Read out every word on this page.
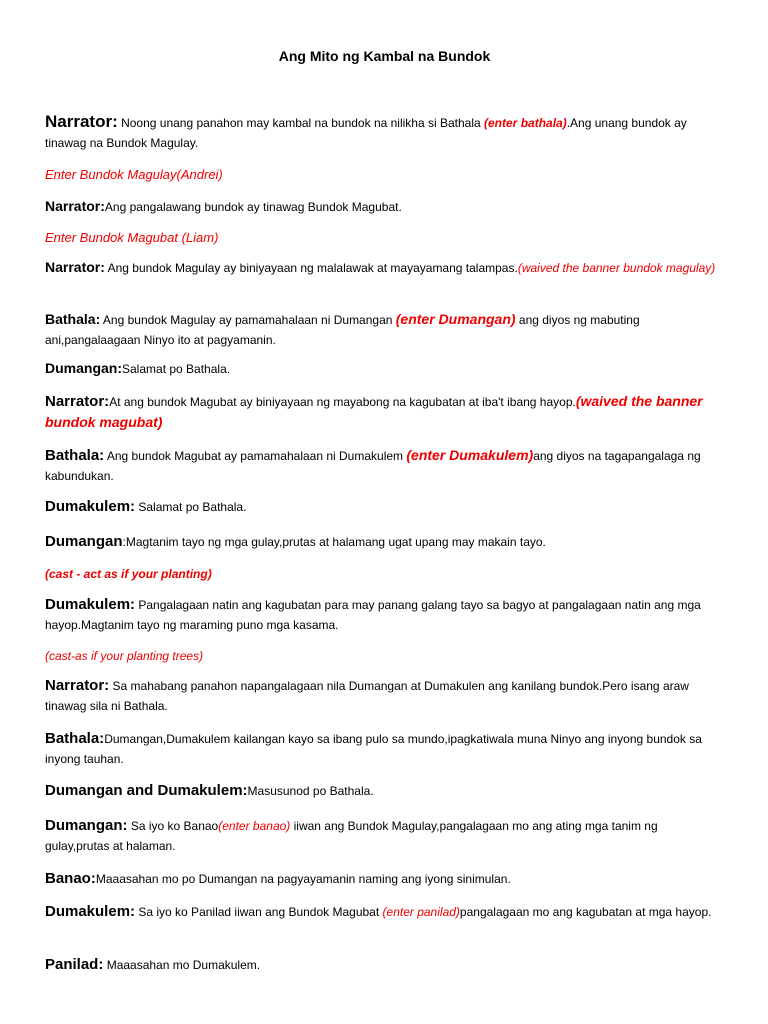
Ang Mito ng Kambal na Bundok

Narrator: Noong unang panahon may kambal na bundok na nilikha si Bathala (enter bathala).Ang unang bundok ay tinawag na Bundok Magulay.

Enter Bundok Magulay(Andrei)

Narrator:Ang pangalawang bundok ay tinawag Bundok Magubat.

Enter Bundok Magubat (Liam)

Narrator: Ang bundok Magulay ay biniyayaan ng malalawak at mayayamang talampas.(waived the banner bundok magulay)

Bathala: Ang bundok Magulay ay pamamahalaan ni Dumangan (enter Dumangan) ang diyos ng mabuting ani,pangalaagaan Ninyo ito at pagyamanin.

Dumangan:Salamat po Bathala.

Narrator:At ang bundok Magubat ay biniyayaan ng mayabong na kagubatan at iba't ibang hayop.(waived the banner bundok magubat)

Bathala: Ang bundok Magubat ay pamamahalaan ni Dumakulem (enter Dumakulem)ang diyos na tagapangalaga ng kabundukan.

Dumakulem: Salamat po Bathala.

Dumangan:Magtanim tayo ng mga gulay,prutas at halamang ugat upang may makain tayo.

(cast - act as if your planting)

Dumakulem: Pangalagaan natin ang kagubatan para may panang galang tayo sa bagyo at pangalagaan natin ang mga hayop.Magtanim tayo ng maraming puno mga kasama.

(cast-as if your planting trees)

Narrator: Sa mahabang panahon napangalagaan nila Dumangan at Dumakulen ang kanilang bundok.Pero isang araw tinawag sila ni Bathala.

Bathala:Dumangan,Dumakulem kailangan kayo sa ibang pulo sa mundo,ipagkatiwala muna Ninyo ang inyong bundok sa inyong tauhan.

Dumangan and Dumakulem:Masusunod po Bathala.

Dumangan: Sa iyo ko Banao(enter banao) iiwan ang Bundok Magulay,pangalagaan mo ang ating mga tanim ng gulay,prutas at halaman.

Banao:Maaasahan mo po Dumangan na pagyayamanin naming ang iyong sinimulan.

Dumakulem: Sa iyo ko Panilad iiwan ang Bundok Magubat (enter panilad)pangalagaan mo ang kagubatan at mga hayop.

Panilad: Maaasahan mo Dumakulem.
